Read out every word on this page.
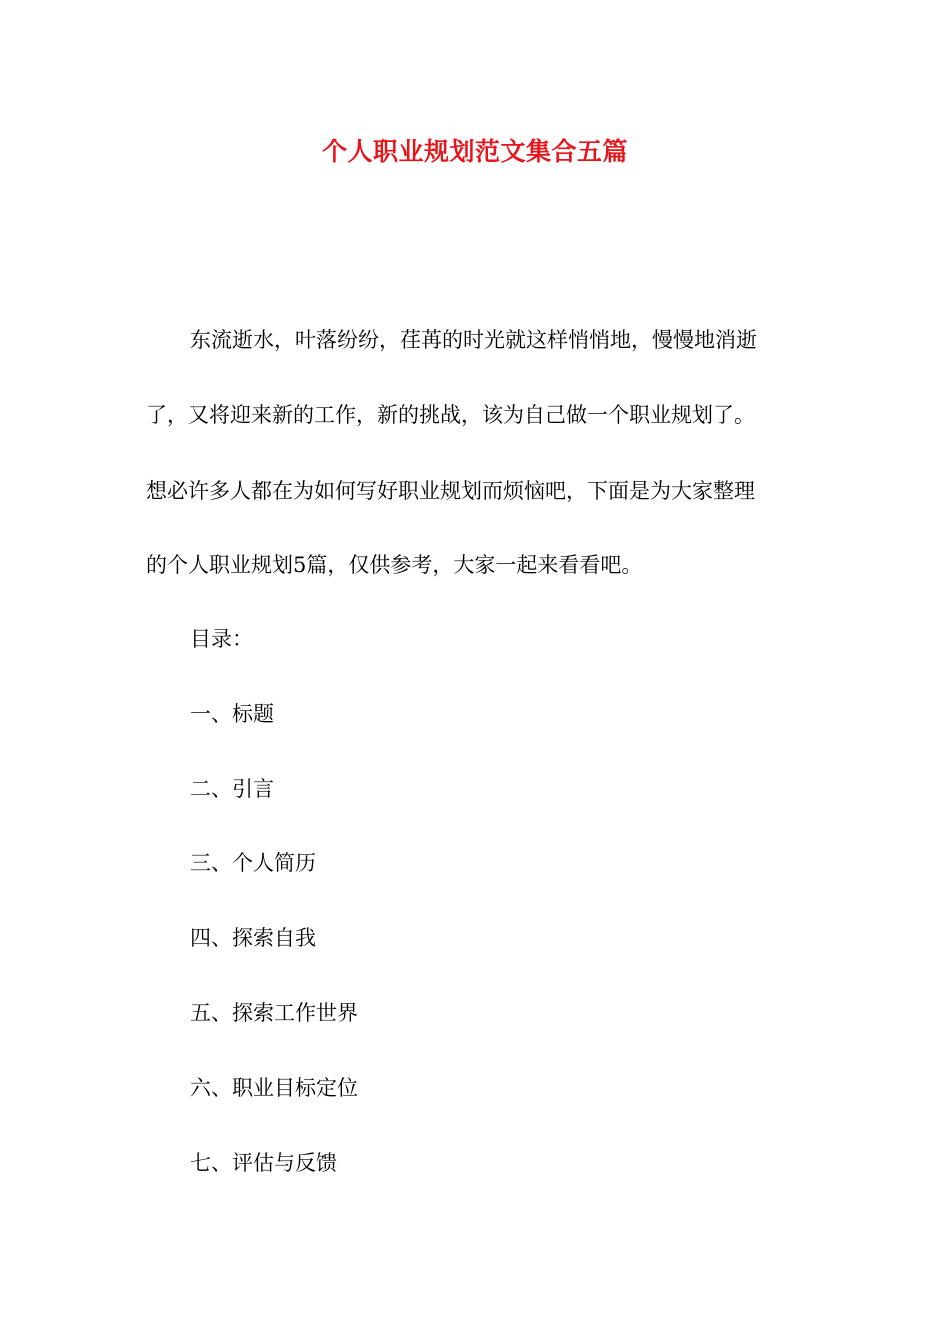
个人职业规划范文集合五篇
东流逝水，叶落纷纷，荏苒的时光就这样悄悄地，慢慢地消逝
了，又将迎来新的工作，新的挑战，该为自己做一个职业规划了。
想必许多人都在为如何写好职业规划而烦恼吧，下面是为大家整理
的个人职业规划5篇，仅供参考，大家一起来看看吧。
目录：
一、标题
二、引言
三、个人简历
四、探索自我
五、探索工作世界
六、职业目标定位
七、评估与反馈
